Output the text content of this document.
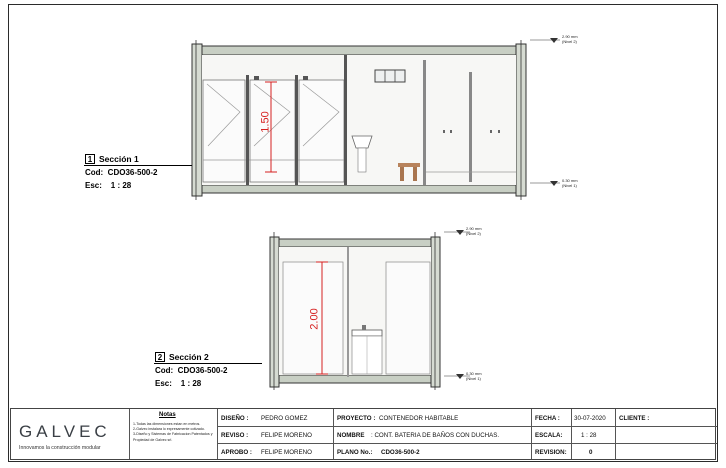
1.50
2.00
2.90 mm
(Nivel 2)
0.30 mm
(Nivel 1)
2.90 mm
(Nivel 2)
0.30 mm
(Nivel 1)
1 Sección 1
Cod: CDO36-500-2
Esc: 1 : 28
2 Sección 2
Cod: CDO36-500-2
Esc: 1 : 28
GALVEC
Innovamos la construcción modular
Notas
1-Todas las dimensiones estan en metros.
2-Galvec instalara lo expresamente cotizado.
3-Diseño y Sistemas de Fabricacion Patentados y Propiedad de Galvec srl.
DISEÑO : PEDRO GOMEZ
REVISO : FELIPE MORENO
APROBO : FELIPE MORENO
PROYECTO : CONTENEDOR HABITABLE
NOMBRE : CONT. BATERIA DE BAÑOS CON DUCHAS.
PLANO No.: CDO36-500-2
FECHA :
ESCALA:
REVISION:
30-07-2020
1 : 28
0
CLIENTE :
